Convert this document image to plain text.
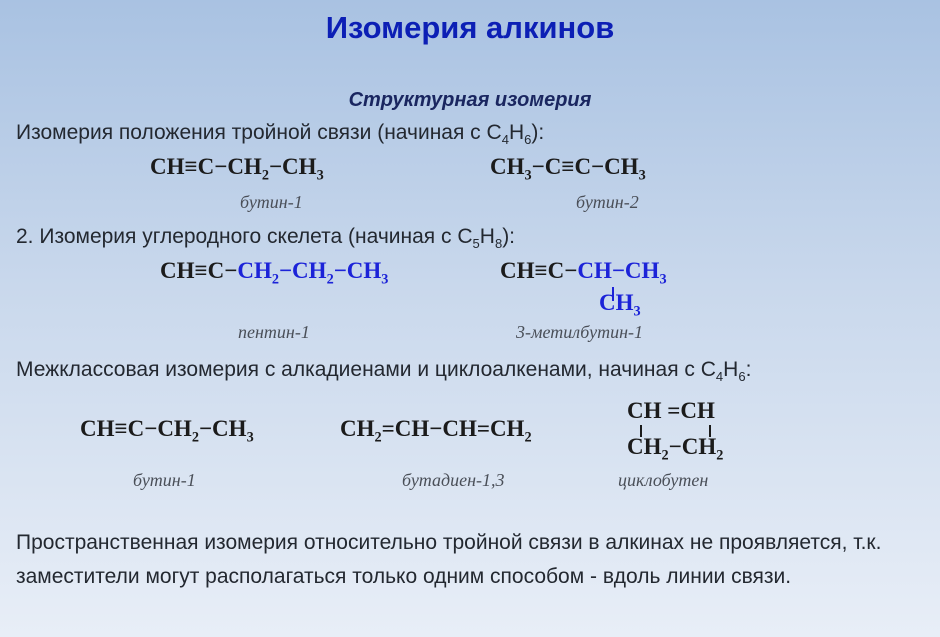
Изомерия алкинов
Структурная изомерия
Изомерия положения тройной связи (начиная с $C_4H_6$):
$CH\equiv C-CH_2-CH_3$
бутин-1
$CH_3-C\equiv C-CH_3$
бутин-2
2. Изомерия углеродного скелета (начиная с $C_5H_8$):
$CH\equiv C-CH_2-CH_2-CH_3$
пентин-1
$CH\equiv C-CH-CH_3$
$CH_3$
3-метилбутин-1
Межклассовая изомерия с алкадиенами и циклоалкенами, начиная с $C_4H_6$:
$CH\equiv C-CH_2-CH_3$
бутин-1
$CH_2=CH-CH=CH_2$
бутадиен-1,3
CH =CH
$CH_2-CH_2$
циклобутен
Пространственная изомерия относительно тройной связи в алкинах не проявляется, т.к. заместители могут располагаться только одним способом - вдоль линии связи.
